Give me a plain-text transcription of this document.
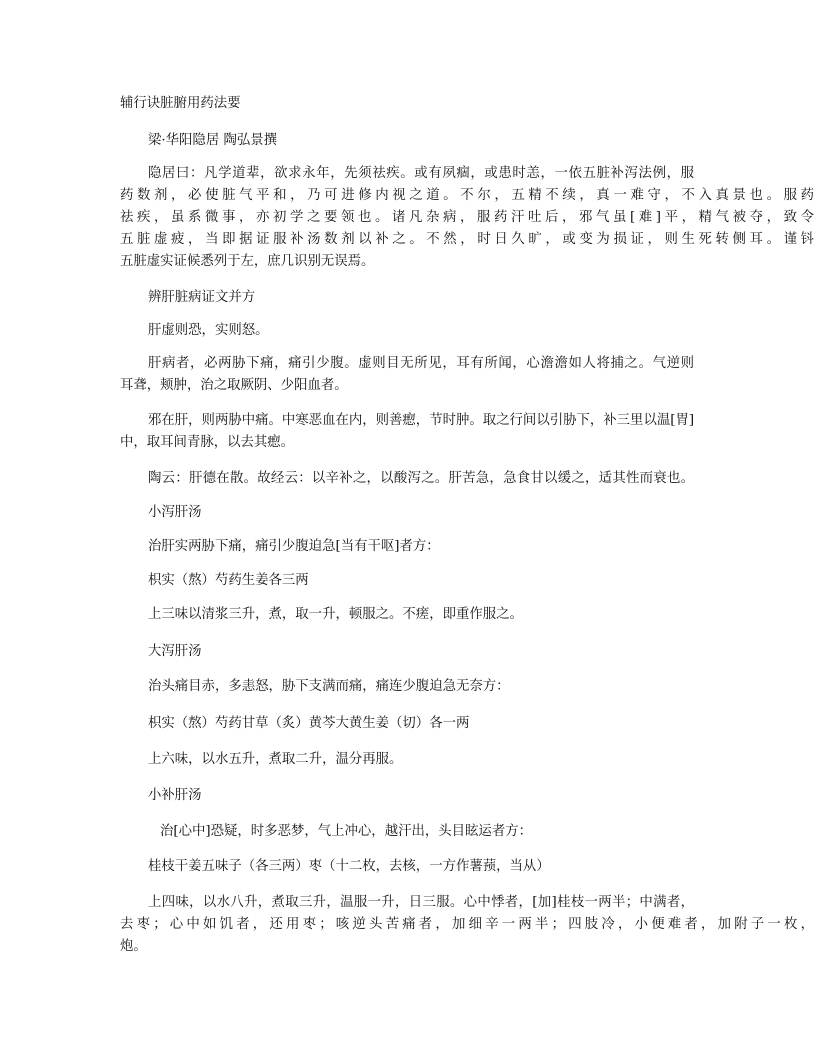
辅行诀脏腑用药法要
梁·华阳隐居 陶弘景撰
隐居曰：凡学道辈，欲求永年，先须祛疾。或有夙痼，或患时恙，一依五脏补泻法例，服
药数剂，必使脏气平和，乃可进修内视之道。不尔，五精不续，真一难守，不入真景也。服药
祛疾，虽系微事，亦初学之要领也。诸凡杂病，服药汗吐后，邪气虽[难]平，精气被夺，致令
五脏虚疲，当即据证服补汤数剂以补之。不然，时日久旷，或变为损证，则生死转侧耳。谨钭
五脏虚实证候悉列于左，庶几识别无误焉。
辨肝脏病证文并方
肝虚则恐，实则怒。
肝病者，必两胁下痛，痛引少腹。虚则目无所见，耳有所闻，心澹澹如人将捕之。气逆则
耳聋，颊肿，治之取厥阴、少阳血者。
邪在肝，则两胁中痛。中寒恶血在内，则善瘛，节时肿。取之行间以引胁下，补三里以温[胃]
中，取耳间青脉，以去其瘛。
陶云：肝德在散。故经云：以辛补之，以酸泻之。肝苦急，急食甘以缓之，适其性而衰也。
小泻肝汤
治肝实两胁下痛，痛引少腹迫急[当有干呕]者方：
枳实（熬）芍药生姜各三两
上三味以清浆三升，煮，取一升，顿服之。不瘥，即重作服之。
大泻肝汤
治头痛目赤，多恚怒，胁下支满而痛，痛连少腹迫急无奈方：
枳实（熬）芍药甘草（炙）黄芩大黄生姜（切）各一两
上六味，以水五升，煮取二升，温分再服。
小补肝汤
治[心中]恐疑，时多恶梦，气上冲心，越汗出，头目眩运者方：
桂枝干姜五味子（各三两）枣（十二枚，去核，一方作薯蓣，当从）
上四味，以水八升，煮取三升，温服一升，日三服。心中悸者，[加]桂枝一两半；中满者，
去枣；心中如饥者，还用枣；咳逆头苦痛者，加细辛一两半；四肢冷，小便难者，加附子一枚，
炮。
